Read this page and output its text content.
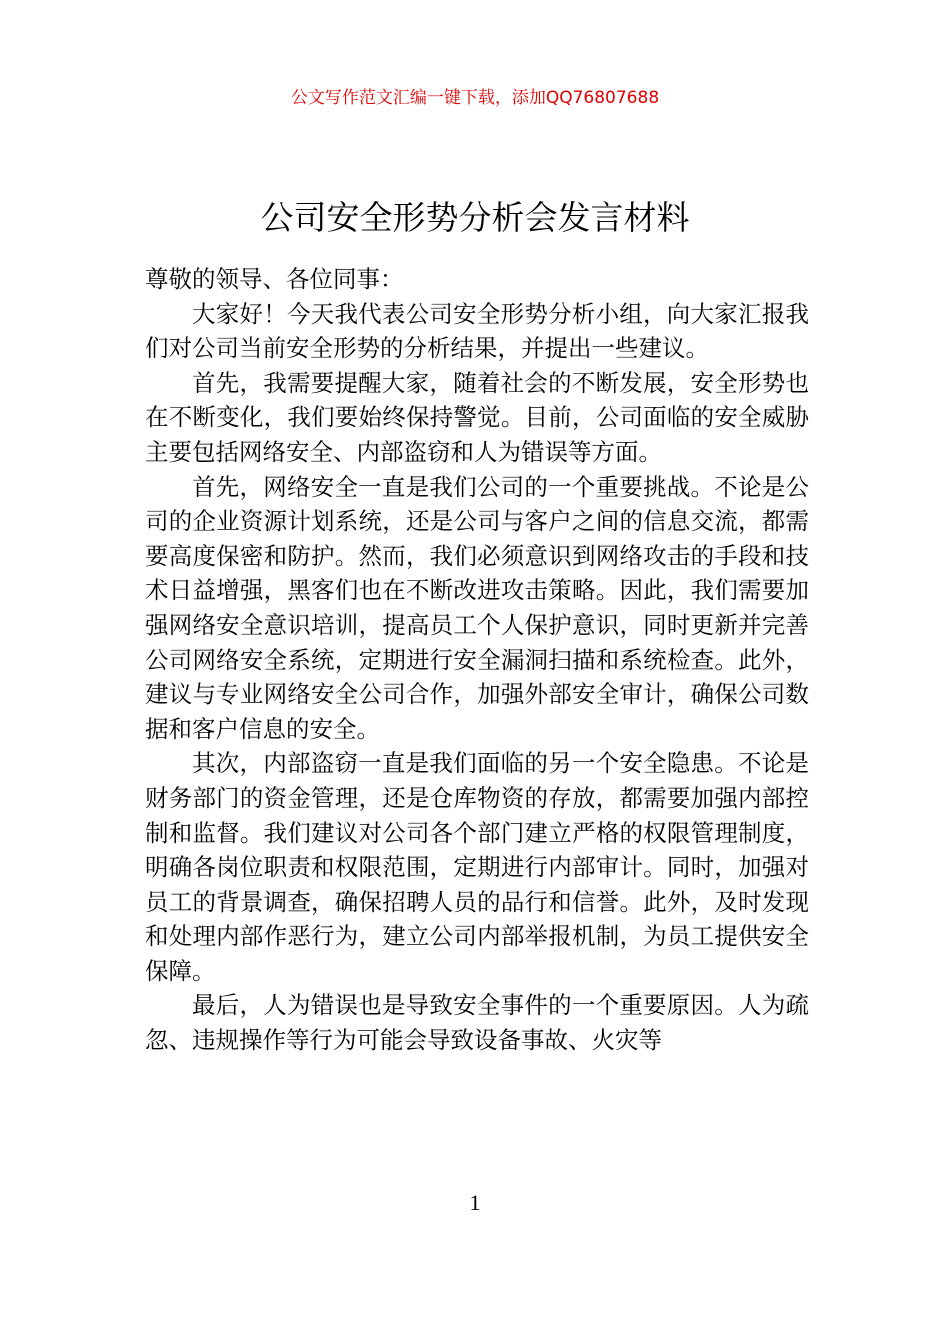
公文写作范文汇编一键下载，添加QQ76807688
公司安全形势分析会发言材料

尊敬的领导、各位同事：

大家好！今天我代表公司安全形势分析小组，向大家汇报我们对公司当前安全形势的分析结果，并提出一些建议。

首先，我需要提醒大家，随着社会的不断发展，安全形势也在不断变化，我们要始终保持警觉。目前，公司面临的安全威胁主要包括网络安全、内部盗窃和人为错误等方面。

首先，网络安全一直是我们公司的一个重要挑战。不论是公司的企业资源计划系统，还是公司与客户之间的信息交流，都需要高度保密和防护。然而，我们必须意识到网络攻击的手段和技术日益增强，黑客们也在不断改进攻击策略。因此，我们需要加强网络安全意识培训，提高员工个人保护意识，同时更新并完善公司网络安全系统，定期进行安全漏洞扫描和系统检查。此外，建议与专业网络安全公司合作，加强外部安全审计，确保公司数据和客户信息的安全。

其次，内部盗窃一直是我们面临的另一个安全隐患。不论是财务部门的资金管理，还是仓库物资的存放，都需要加强内部控制和监督。我们建议对公司各个部门建立严格的权限管理制度，明确各岗位职责和权限范围，定期进行内部审计。同时，加强对员工的背景调查，确保招聘人员的品行和信誉。此外，及时发现和处理内部作恶行为，建立公司内部举报机制，为员工提供安全保障。

最后，人为错误也是导致安全事件的一个重要原因。人为疏忽、违规操作等行为可能会导致设备事故、火灾等

1
